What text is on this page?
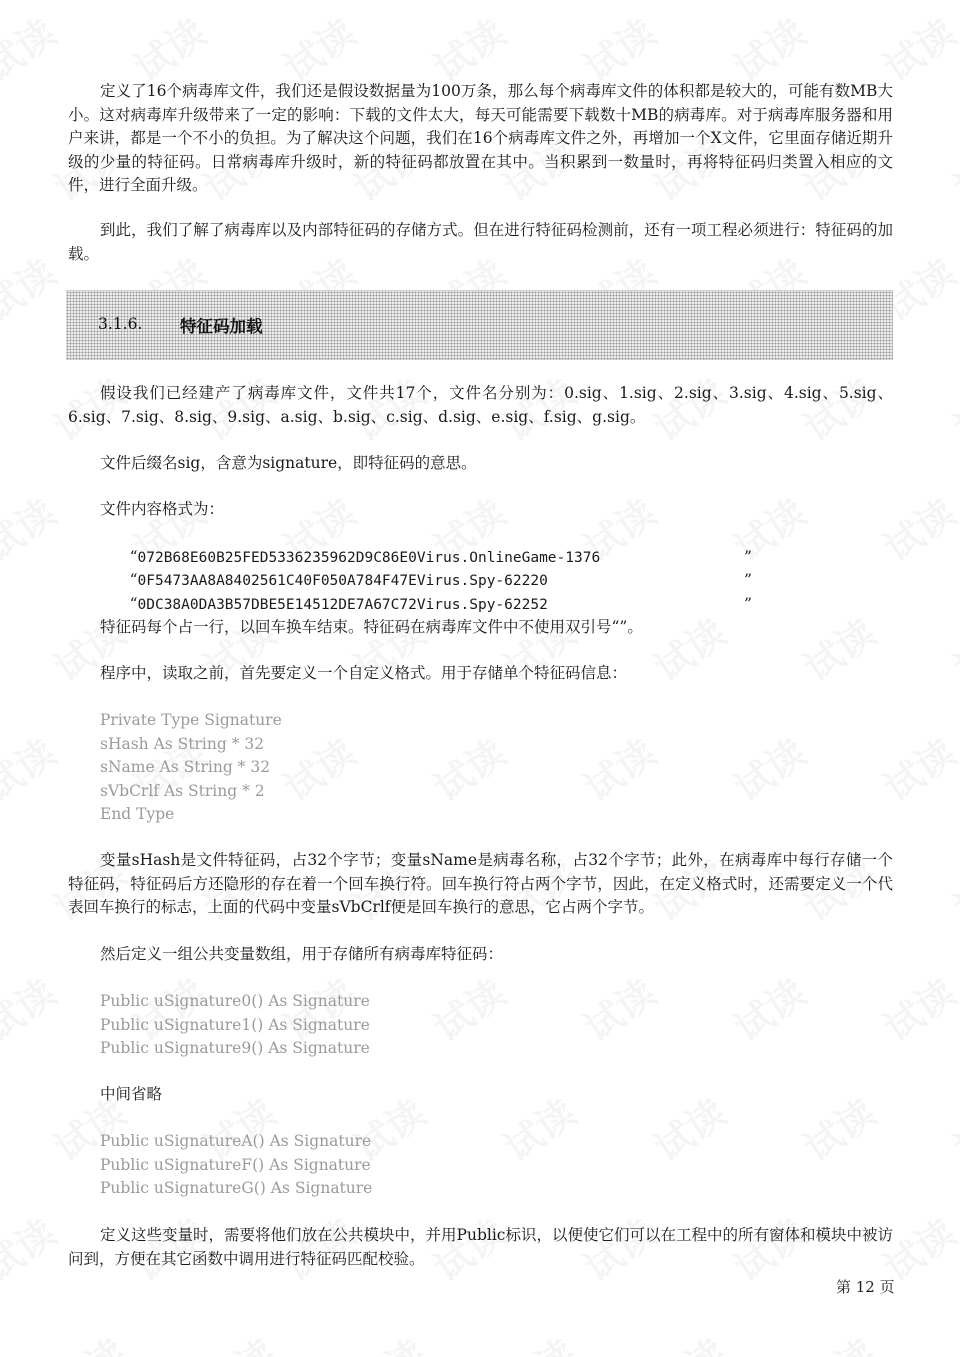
定义了16个病毒库文件，我们还是假设数据量为100万条，那么每个病毒库文件的体积都是较大的，可能有数MB大小。这对病毒库升级带来了一定的影响：下载的文件太大，每天可能需要下载数十MB的病毒库。对于病毒库服务器和用户来讲，都是一个不小的负担。为了解决这个问题，我们在16个病毒库文件之外，再增加一个X文件，它里面存储近期升级的少量的特征码。日常病毒库升级时，新的特征码都放置在其中。当积累到一数量时，再将特征码归类置入相应的文件，进行全面升级。

到此，我们了解了病毒库以及内部特征码的存储方式。但在进行特征码检测前，还有一项工程必须进行：特征码的加载。

3.1.6. 特征码加载

假设我们已经建产了病毒库文件，文件共17个，文件名分别为：0.sig、1.sig、2.sig、3.sig、4.sig、5.sig、6.sig、7.sig、8.sig、9.sig、a.sig、b.sig、c.sig、d.sig、e.sig、f.sig、g.sig。

文件后缀名sig，含意为signature，即特征码的意思。
文件内容格式为：

“072B68E60B25FED5336235962D9C86E0Virus.OnlineGame-1376	”

“0F5473AA8A8402561C40F050A784F47EVirus.Spy-62220	”

“0DC38A0DA3B57DBE5E14512DE7A67C72Virus.Spy-62252	”

特征码每个占一行，以回车换车结束。特征码在病毒库文件中不使用双引号“”。
程序中，读取之前，首先要定义一个自定义格式。用于存储单个特征码信息：
Private Type Signature
sHash As String * 32
sName As String * 32
sVbCrlf As String * 2
End Type

变量sHash是文件特征码，占32个字节；变量sName是病毒名称，占32个字节；此外，在病毒库中每行存储一个特征码，特征码后方还隐形的存在着一个回车换行符。回车换行符占两个字节，因此，在定义格式时，还需要定义一个代表回车换行的标志，上面的代码中变量sVbCrlf便是回车换行的意思，它占两个字节。

然后定义一组公共变量数组，用于存储所有病毒库特征码：
Public uSignature0() As Signature
Public uSignature1() As Signature
Public uSignature9() As Signature
中间省略
Public uSignatureA() As Signature
Public uSignatureF() As Signature
Public uSignatureG() As Signature

定义这些变量时，需要将他们放在公共模块中，并用Public标识，以便使它们可以在工程中的所有窗体和模块中被访问到，方便在其它函数中调用进行特征码匹配校验。

第 12 页
